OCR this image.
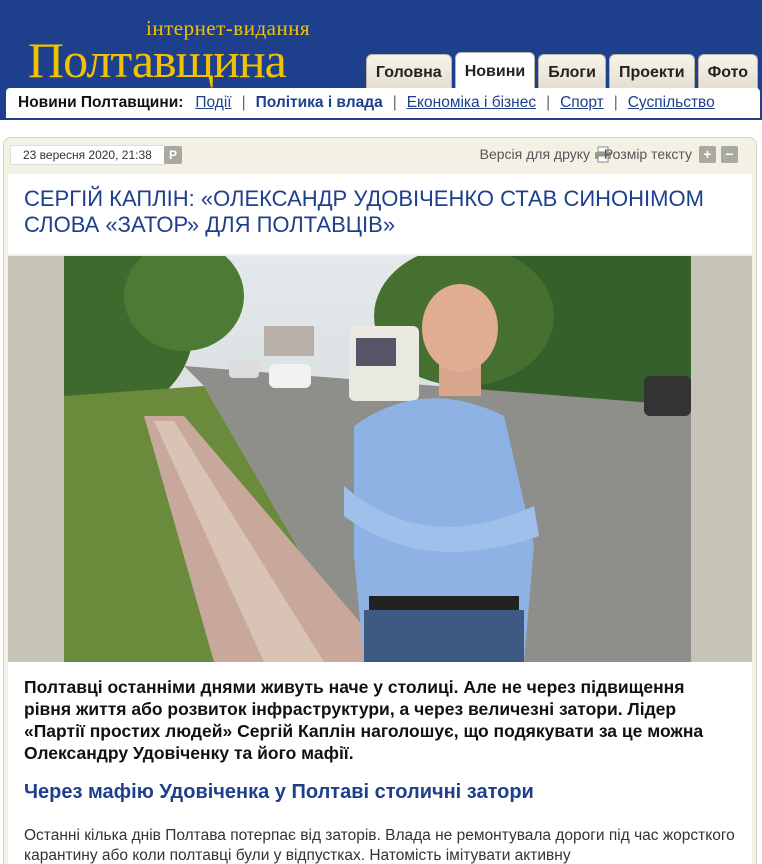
інтернет-видання
Полтавщина	Головна Новини Блоги Проекти Фото
Новини Полтавщини: Події | Політика і влада | Економіка і бізнес | Спорт | Суспільство
23 вересня 2020, 21:38	P	Версія для друку Розмір тексту + −
СЕРГІЙ КАПЛІН: «ОЛЕКСАНДР УДОВІЧЕНКО СТАВ СИНОНІМОМ СЛОВА «ЗАТОР» ДЛЯ ПОЛТАВЦІВ»

Полтавці останніми днями живуть наче у столиці. Але не через підвищення рівня життя або розвиток інфраструктури, а через величезні затори. Лідер «Партії простих людей» Сергій Каплін наголошує, що подякувати за це можна Олександру Удовіченку та його мафії.

Через мафію Удовіченка у Полтаві столичні затори

Останні кілька днів Полтава потерпає від заторів. Влада не ремонтувала дороги під час жорсткого карантину або коли полтавці були у відпустках. Натомість імітувати активну
